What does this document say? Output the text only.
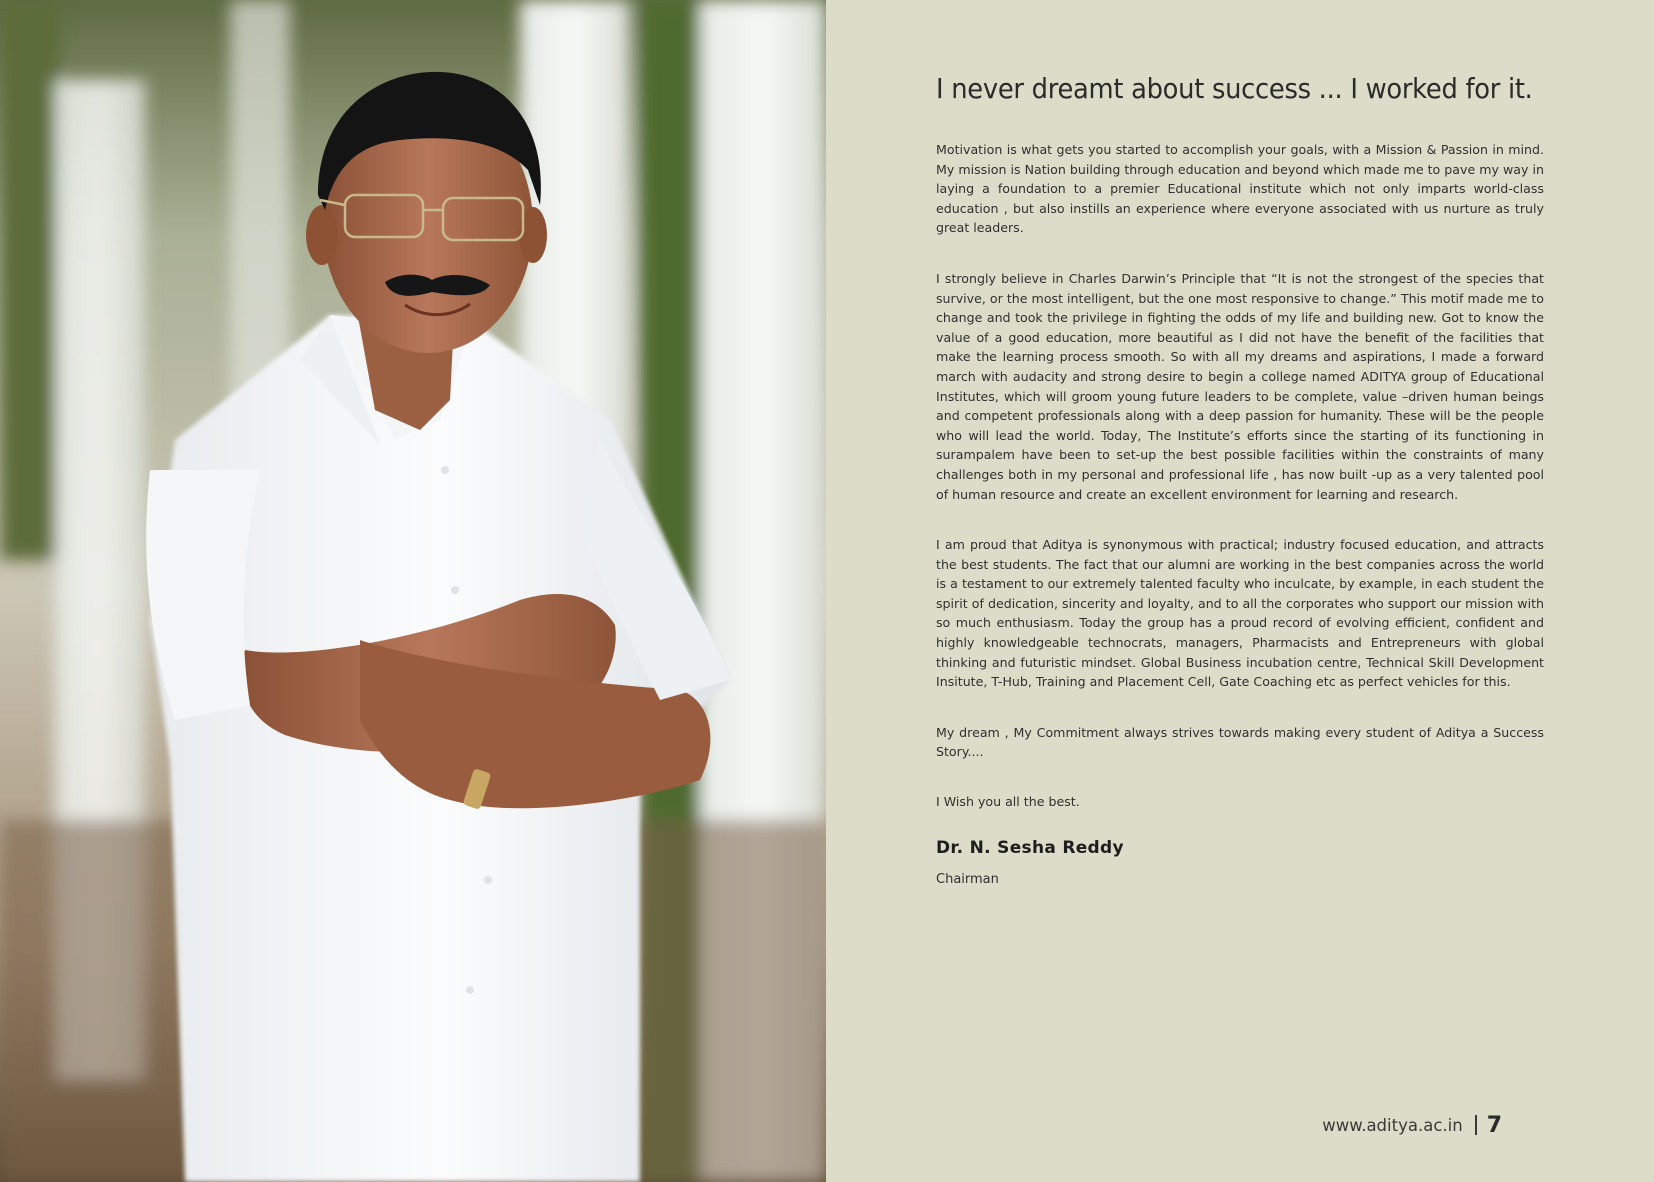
I never dreamt about success ... I worked for it.

Motivation is what gets you started to accomplish your goals, with a Mission & Passion in mind. My mission is Nation building through education and beyond which made me to pave my way in laying a foundation to a premier Educational institute which not only imparts world-class education , but also instills an experience where everyone associated with us nurture as truly great leaders.

I strongly believe in Charles Darwin’s Principle that “It is not the strongest of the species that survive, or the most intelligent, but the one most responsive to change.” This motif made me to change and took the privilege in fighting the odds of my life and building new. Got to know the value of a good education, more beautiful as I did not have the benefit of the facilities that make the learning process smooth. So with all my dreams and aspirations, I made a forward march with audacity and strong desire to begin a college named ADITYA group of Educational Institutes, which will groom young future leaders to be complete, value –driven human beings and competent professionals along with a deep passion for humanity. These will be the people who will lead the world. Today, The Institute’s efforts since the starting of its functioning in surampalem have been to set-up the best possible facilities within the constraints of many challenges both in my personal and professional life , has now built -up as a very talented pool of human resource and create an excellent environment for learning and research.

I am proud that Aditya is synonymous with practical; industry focused education, and attracts the best students. The fact that our alumni are working in the best companies across the world is a testament to our extremely talented faculty who inculcate, by example, in each student the spirit of dedication, sincerity and loyalty, and to all the corporates who support our mission with so much enthusiasm. Today the group has a proud record of evolving efficient, confident and highly knowledgeable technocrats, managers, Pharmacists and Entrepreneurs with global thinking and futuristic mindset. Global Business incubation centre, Technical Skill Development Insitute, T-Hub, Training and Placement Cell, Gate Coaching etc as perfect vehicles for this.

My dream , My Commitment always strives towards making every student of Aditya a Success Story....

I Wish you all the best.

Dr. N. Sesha Reddy
Chairman
www.aditya.ac.in 7
